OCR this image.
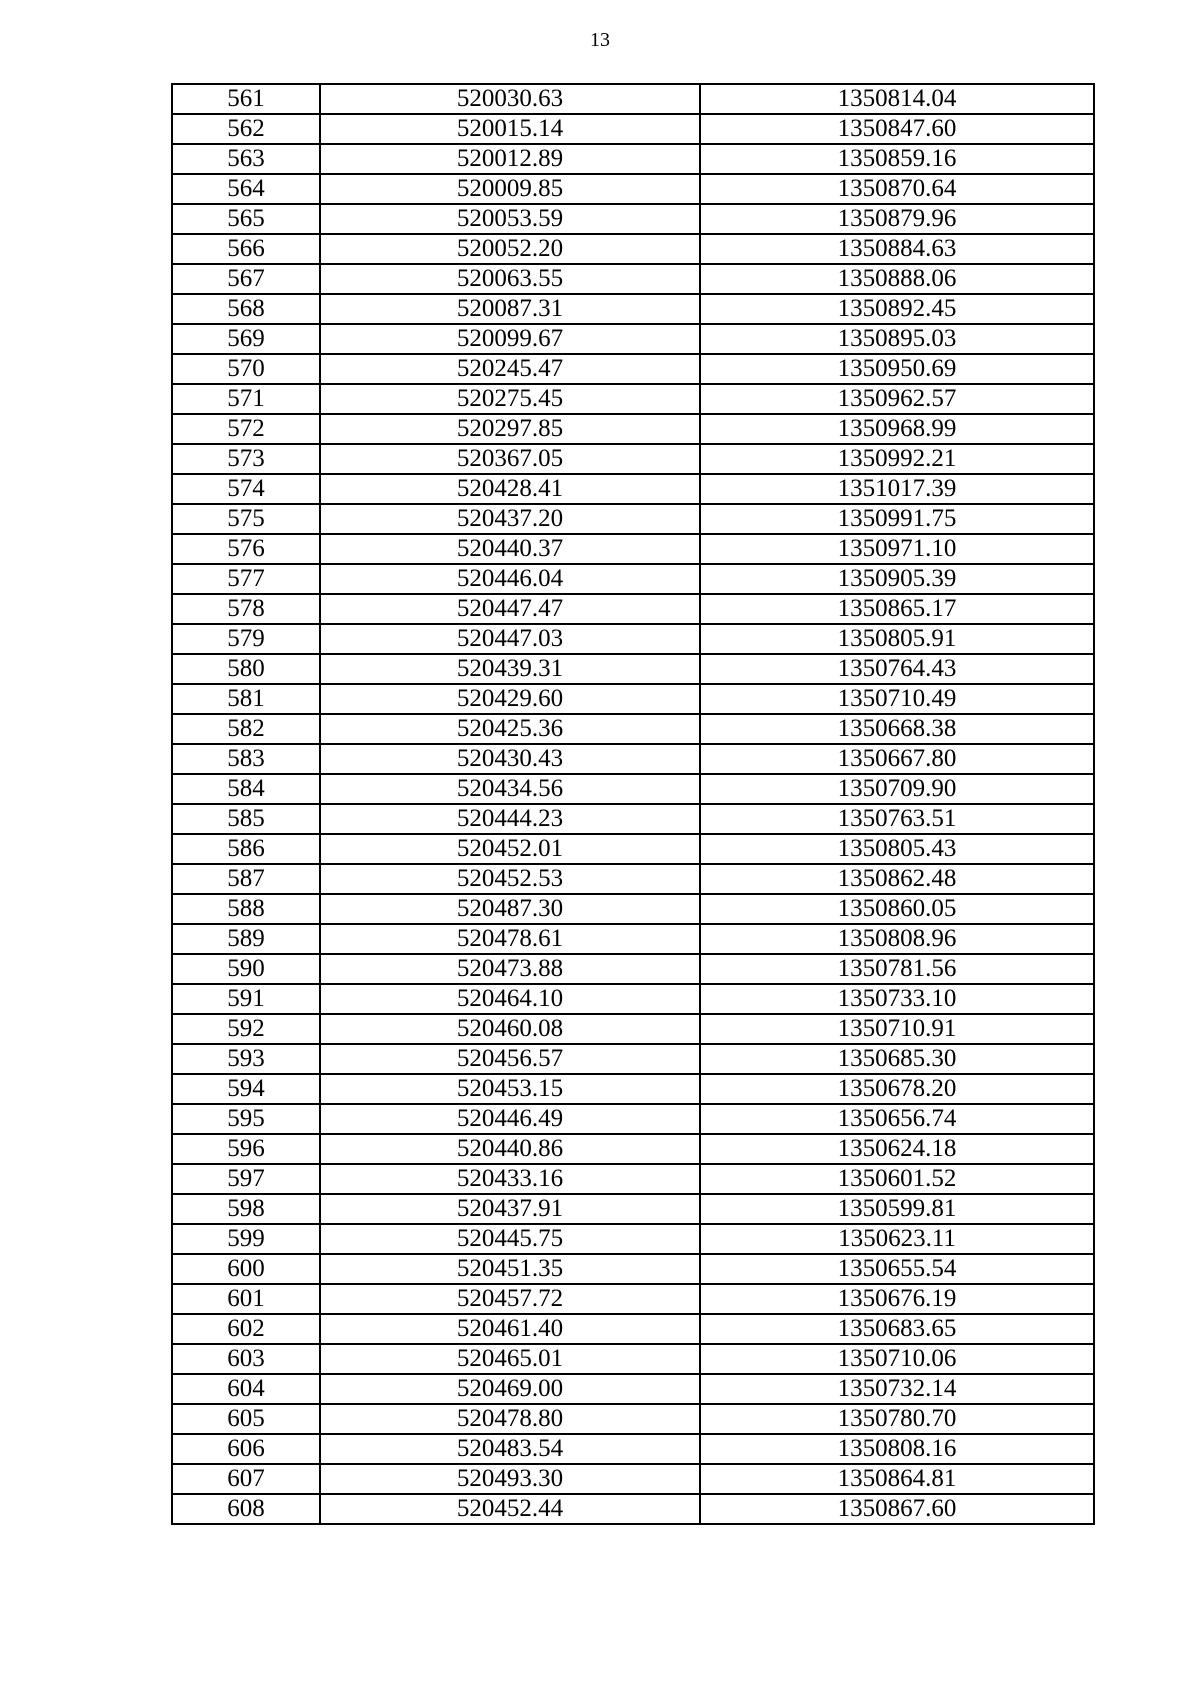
13
561	520030.63	1350814.04
562	520015.14	1350847.60
563	520012.89	1350859.16
564	520009.85	1350870.64
565	520053.59	1350879.96
566	520052.20	1350884.63
567	520063.55	1350888.06
568	520087.31	1350892.45
569	520099.67	1350895.03
570	520245.47	1350950.69
571	520275.45	1350962.57
572	520297.85	1350968.99
573	520367.05	1350992.21
574	520428.41	1351017.39
575	520437.20	1350991.75
576	520440.37	1350971.10
577	520446.04	1350905.39
578	520447.47	1350865.17
579	520447.03	1350805.91
580	520439.31	1350764.43
581	520429.60	1350710.49
582	520425.36	1350668.38
583	520430.43	1350667.80
584	520434.56	1350709.90
585	520444.23	1350763.51
586	520452.01	1350805.43
587	520452.53	1350862.48
588	520487.30	1350860.05
589	520478.61	1350808.96
590	520473.88	1350781.56
591	520464.10	1350733.10
592	520460.08	1350710.91
593	520456.57	1350685.30
594	520453.15	1350678.20
595	520446.49	1350656.74
596	520440.86	1350624.18
597	520433.16	1350601.52
598	520437.91	1350599.81
599	520445.75	1350623.11
600	520451.35	1350655.54
601	520457.72	1350676.19
602	520461.40	1350683.65
603	520465.01	1350710.06
604	520469.00	1350732.14
605	520478.80	1350780.70
606	520483.54	1350808.16
607	520493.30	1350864.81
608	520452.44	1350867.60
